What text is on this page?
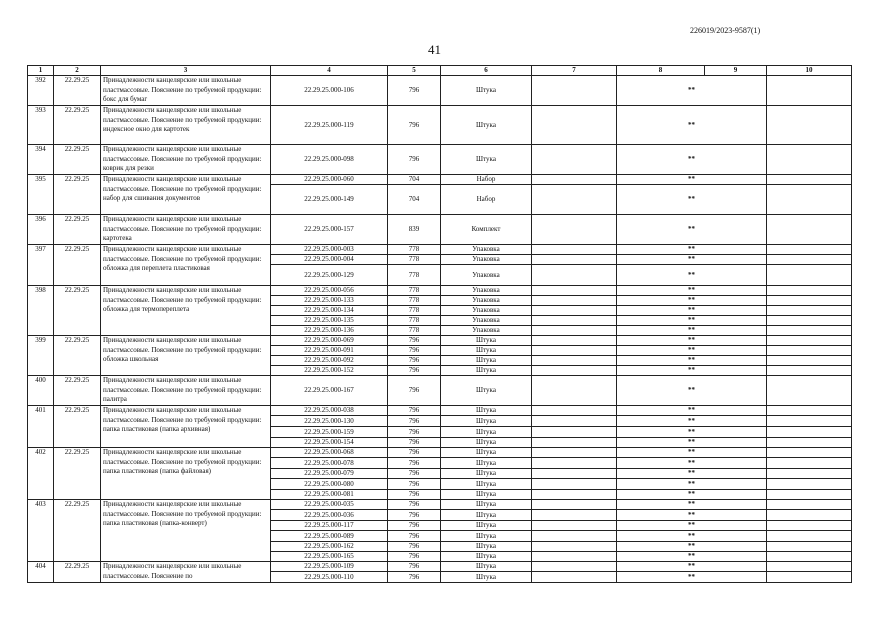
226019/2023-9587(1)
41
1	2	3	4	5	6	7	8	9	10
392	22.29.25	Принадлежности канцелярские или школьные пластмассовые. Пояснение по требуемой продукции: бокс для бумаг	22.29.25.000-106	796	Штука		**		
393	22.29.25	Принадлежности канцелярские или школьные пластмассовые. Пояснение по требуемой продукции: индексное окно для картотек	22.29.25.000-119	796	Штука		**		
394	22.29.25	Принадлежности канцелярские или школьные пластмассовые. Пояснение по требуемой продукции: коврик для резки	22.29.25.000-098	796	Штука		**		
395	22.29.25	Принадлежности канцелярские или школьные пластмассовые. Пояснение по требуемой продукции: набор для сшивания документов	22.29.25.000-060	704	Набор		**		
			22.29.25.000-149	704	Набор		**		
396	22.29.25	Принадлежности канцелярские или школьные пластмассовые. Пояснение по требуемой продукции: картотека	22.29.25.000-157	839	Комплект		**		
397	22.29.25	Принадлежности канцелярские или школьные пластмассовые. Пояснение по требуемой продукции: обложка для переплета пластиковая	22.29.25.000-003	778	Упаковка		**		
			22.29.25.000-004	778	Упаковка		**		
			22.29.25.000-129	778	Упаковка		**		
398	22.29.25	Принадлежности канцелярские или школьные пластмассовые. Пояснение по требуемой продукции: обложка для термопереплета	22.29.25.000-056	778	Упаковка		**		
			22.29.25.000-133	778	Упаковка		**		
			22.29.25.000-134	778	Упаковка		**		
			22.29.25.000-135	778	Упаковка		**		
			22.29.25.000-136	778	Упаковка		**		
399	22.29.25	Принадлежности канцелярские или школьные пластмассовые. Пояснение по требуемой продукции: обложка школьная	22.29.25.000-069	796	Штука		**		
			22.29.25.000-091	796	Штука		**		
			22.29.25.000-092	796	Штука		**		
			22.29.25.000-152	796	Штука		**		
400	22.29.25	Принадлежности канцелярские или школьные пластмассовые. Пояснение по требуемой продукции: палитра	22.29.25.000-167	796	Штука		**		
401	22.29.25	Принадлежности канцелярские или школьные пластмассовые. Пояснение по требуемой продукции: папка пластиковая (папка архивная)	22.29.25.000-038	796	Штука		**		
			22.29.25.000-130	796	Штука		**		
			22.29.25.000-159	796	Штука		**		
			22.29.25.000-154	796	Штука		**		
402	22.29.25	Принадлежности канцелярские или школьные пластмассовые. Пояснение по требуемой продукции: папка пластиковая (папка файловая)	22.29.25.000-068	796	Штука		**		
			22.29.25.000-078	796	Штука		**		
			22.29.25.000-079	796	Штука		**		
			22.29.25.000-080	796	Штука		**		
			22.29.25.000-081	796	Штука		**		
403	22.29.25	Принадлежности канцелярские или школьные пластмассовые. Пояснение по требуемой продукции: папка пластиковая (папка-конверт)	22.29.25.000-035	796	Штука		**		
			22.29.25.000-036	796	Штука		**		
			22.29.25.000-117	796	Штука		**		
			22.29.25.000-089	796	Штука		**		
			22.29.25.000-162	796	Штука		**		
			22.29.25.000-165	796	Штука		**		
404	22.29.25	Принадлежности канцелярские или школьные пластмассовые. Пояснение по	22.29.25.000-109	796	Штука		**		
			22.29.25.000-110	796	Штука		**		
